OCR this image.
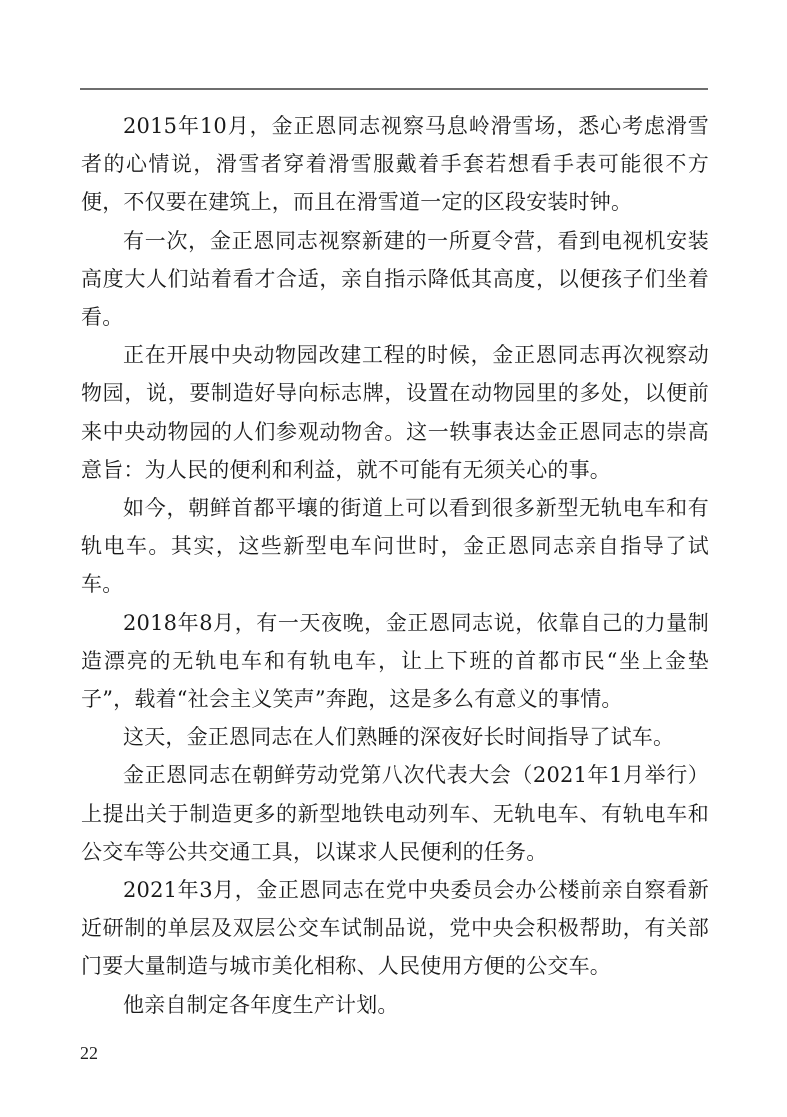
2015年10月，金正恩同志视察马息岭滑雪场，悉心考虑滑雪者的心情说，滑雪者穿着滑雪服戴着手套若想看手表可能很不方便，不仅要在建筑上，而且在滑雪道一定的区段安装时钟。

有一次，金正恩同志视察新建的一所夏令营，看到电视机安装高度大人们站着看才合适，亲自指示降低其高度，以便孩子们坐着看。

正在开展中央动物园改建工程的时候，金正恩同志再次视察动物园，说，要制造好导向标志牌，设置在动物园里的多处，以便前来中央动物园的人们参观动物舍。这一轶事表达金正恩同志的崇高意旨：为人民的便利和利益，就不可能有无须关心的事。

如今，朝鲜首都平壤的街道上可以看到很多新型无轨电车和有轨电车。其实，这些新型电车问世时，金正恩同志亲自指导了试车。

2018年8月，有一天夜晚，金正恩同志说，依靠自己的力量制造漂亮的无轨电车和有轨电车，让上下班的首都市民“坐上金垫子”，载着“社会主义笑声”奔跑，这是多么有意义的事情。

这天，金正恩同志在人们熟睡的深夜好长时间指导了试车。

金正恩同志在朝鲜劳动党第八次代表大会（2021年1月举行）上提出关于制造更多的新型地铁电动列车、无轨电车、有轨电车和公交车等公共交通工具，以谋求人民便利的任务。

2021年3月，金正恩同志在党中央委员会办公楼前亲自察看新近研制的单层及双层公交车试制品说，党中央会积极帮助，有关部门要大量制造与城市美化相称、人民使用方便的公交车。

他亲自制定各年度生产计划。

22
